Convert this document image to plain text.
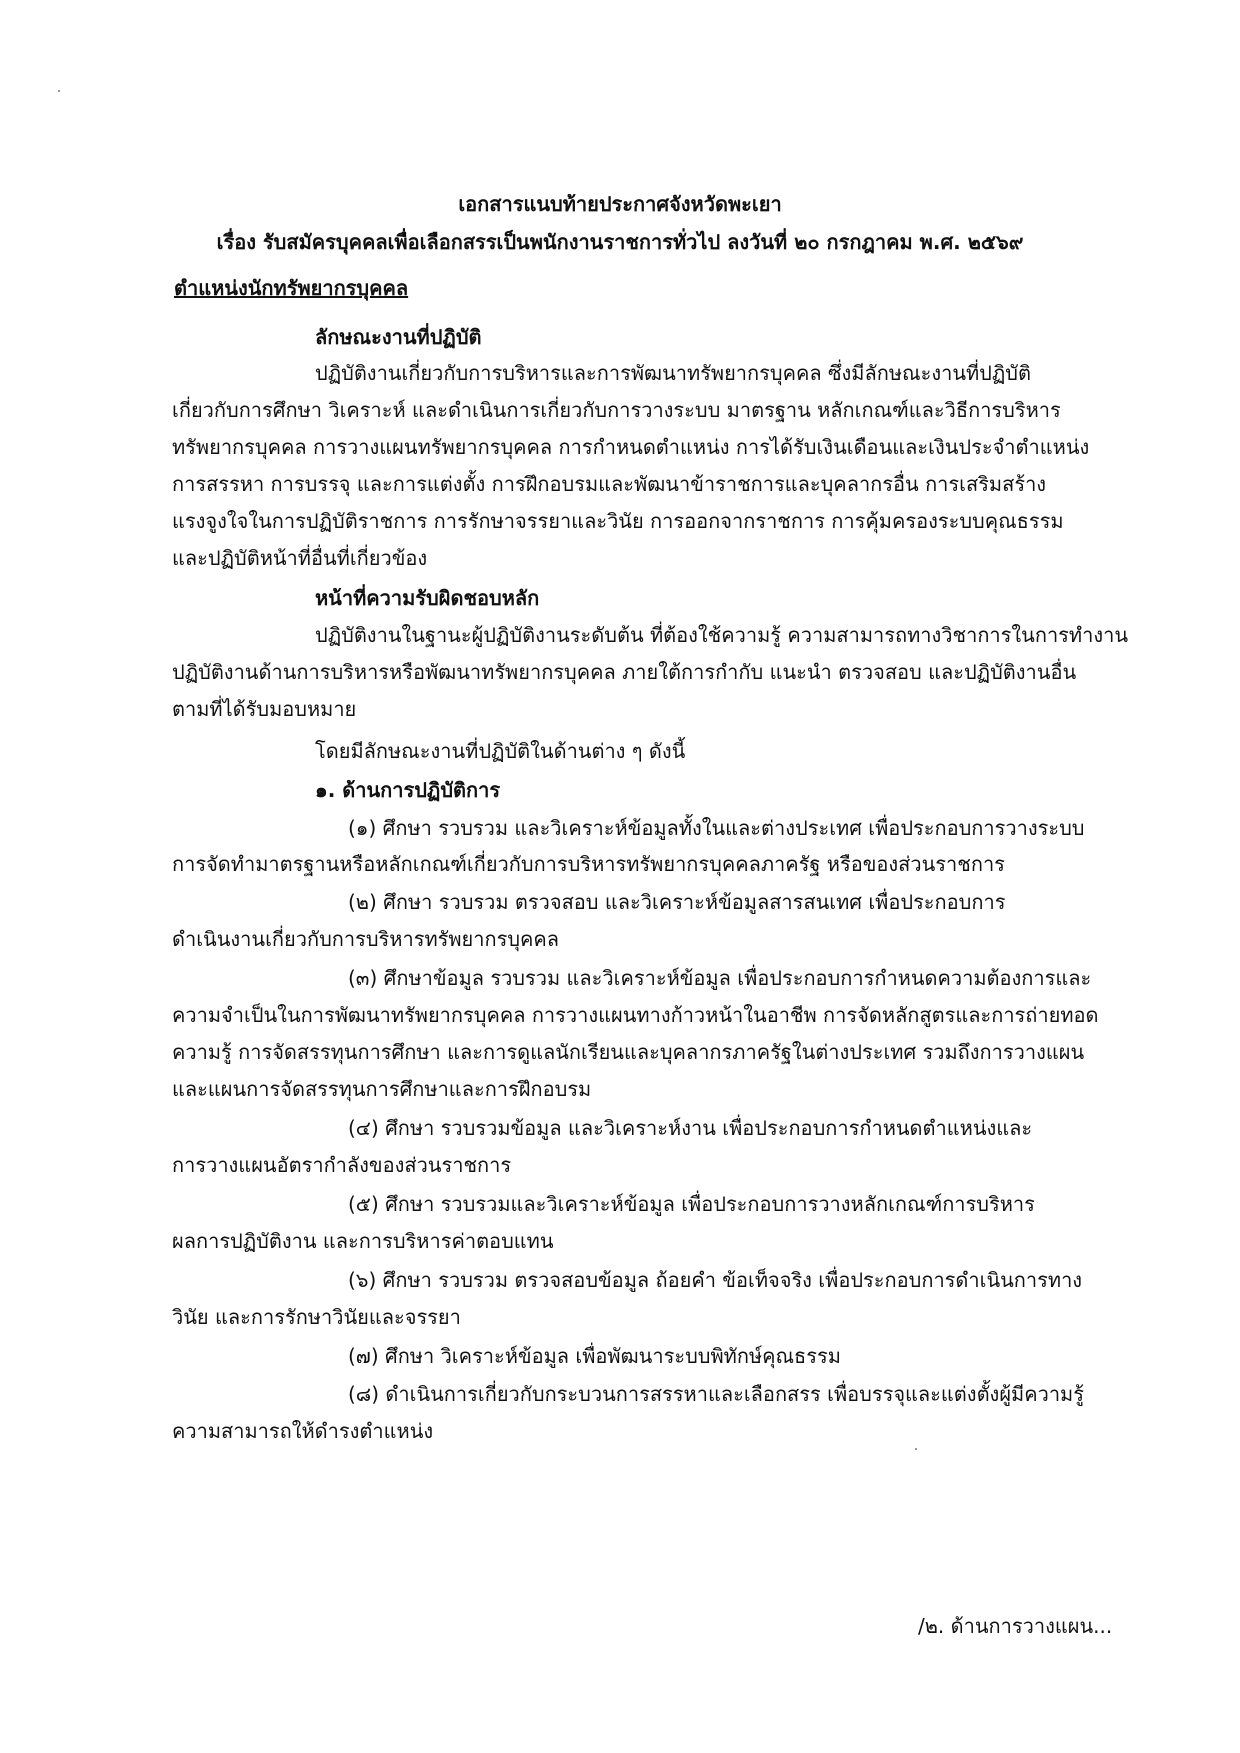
เอกสารแนบท้ายประกาศจังหวัดพะเยา
เรื่อง รับสมัครบุคคลเพื่อเลือกสรรเป็นพนักงานราชการทั่วไป ลงวันที่ ๒๐ กรกฎาคม พ.ศ. ๒๕๖๙
ตำแหน่งนักทรัพยากรบุคคล
ลักษณะงานที่ปฏิบัติ
ปฏิบัติงานเกี่ยวกับการบริหารและการพัฒนาทรัพยากรบุคคล ซึ่งมีลักษณะงานที่ปฏิบัติ
เกี่ยวกับการศึกษา วิเคราะห์ และดำเนินการเกี่ยวกับการวางระบบ มาตรฐาน หลักเกณฑ์และวิธีการบริหาร
ทรัพยากรบุคคล การวางแผนทรัพยากรบุคคล การกำหนดตำแหน่ง การได้รับเงินเดือนและเงินประจำตำแหน่ง
การสรรหา การบรรจุ และการแต่งตั้ง การฝึกอบรมและพัฒนาข้าราชการและบุคลากรอื่น การเสริมสร้าง
แรงจูงใจในการปฏิบัติราชการ การรักษาจรรยาและวินัย การออกจากราชการ การคุ้มครองระบบคุณธรรม
และปฏิบัติหน้าที่อื่นที่เกี่ยวข้อง
หน้าที่ความรับผิดชอบหลัก
ปฏิบัติงานในฐานะผู้ปฏิบัติงานระดับต้น ที่ต้องใช้ความรู้ ความสามารถทางวิชาการในการทำงาน
ปฏิบัติงานด้านการบริหารหรือพัฒนาทรัพยากรบุคคล ภายใต้การกำกับ แนะนำ ตรวจสอบ และปฏิบัติงานอื่น
ตามที่ได้รับมอบหมาย
โดยมีลักษณะงานที่ปฏิบัติในด้านต่าง ๆ ดังนี้
๑. ด้านการปฏิบัติการ
(๑) ศึกษา รวบรวม และวิเคราะห์ข้อมูลทั้งในและต่างประเทศ เพื่อประกอบการวางระบบ
การจัดทำมาตรฐานหรือหลักเกณฑ์เกี่ยวกับการบริหารทรัพยากรบุคคลภาครัฐ หรือของส่วนราชการ
(๒) ศึกษา รวบรวม ตรวจสอบ และวิเคราะห์ข้อมูลสารสนเทศ เพื่อประกอบการ
ดำเนินงานเกี่ยวกับการบริหารทรัพยากรบุคคล
(๓) ศึกษาข้อมูล รวบรวม และวิเคราะห์ข้อมูล เพื่อประกอบการกำหนดความต้องการและ
ความจำเป็นในการพัฒนาทรัพยากรบุคคล การวางแผนทางก้าวหน้าในอาชีพ การจัดหลักสูตรและการถ่ายทอด
ความรู้ การจัดสรรทุนการศึกษา และการดูแลนักเรียนและบุคลากรภาครัฐในต่างประเทศ รวมถึงการวางแผน
และแผนการจัดสรรทุนการศึกษาและการฝึกอบรม
(๔) ศึกษา รวบรวมข้อมูล และวิเคราะห์งาน เพื่อประกอบการกำหนดตำแหน่งและ
การวางแผนอัตรากำลังของส่วนราชการ
(๕) ศึกษา รวบรวมและวิเคราะห์ข้อมูล เพื่อประกอบการวางหลักเกณฑ์การบริหาร
ผลการปฏิบัติงาน และการบริหารค่าตอบแทน
(๖) ศึกษา รวบรวม ตรวจสอบข้อมูล ถ้อยคำ ข้อเท็จจริง เพื่อประกอบการดำเนินการทาง
วินัย และการรักษาวินัยและจรรยา
(๗) ศึกษา วิเคราะห์ข้อมูล เพื่อพัฒนาระบบพิทักษ์คุณธรรม
(๘) ดำเนินการเกี่ยวกับกระบวนการสรรหาและเลือกสรร เพื่อบรรจุและแต่งตั้งผู้มีความรู้
ความสามารถให้ดำรงตำแหน่ง
/๒. ด้านการวางแผน...
